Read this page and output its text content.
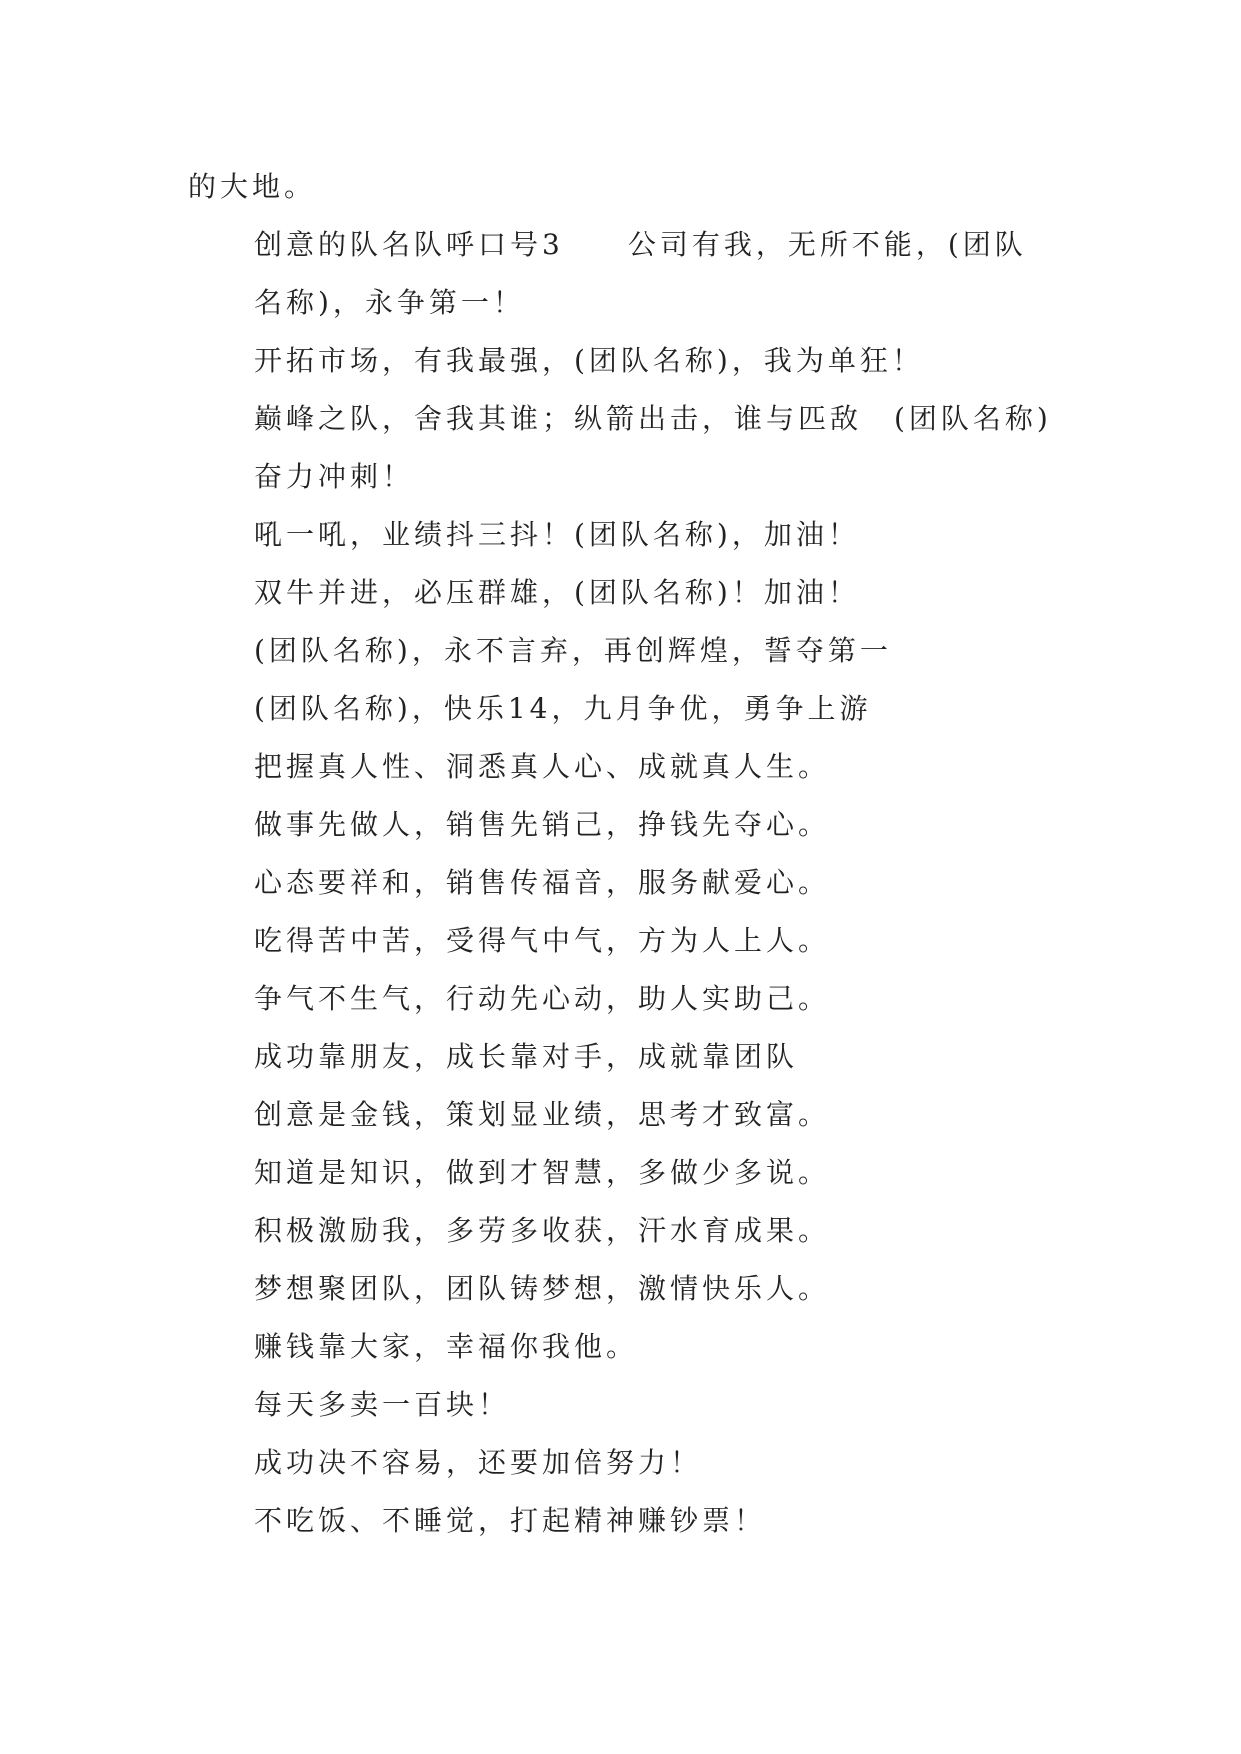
的大地。

创意的队名队呼口号3　　公司有我，无所不能，(团队名称)，永争第一！

开拓市场，有我最强，(团队名称)，我为单狂！

巅峰之队，舍我其谁；纵箭出击，谁与匹敌　(团队名称)　奋力冲刺！

吼一吼，业绩抖三抖！(团队名称)，加油！

双牛并进，必压群雄，(团队名称)！加油！

(团队名称)，永不言弃，再创辉煌，誓夺第一

(团队名称)，快乐14，九月争优，勇争上游

把握真人性、洞悉真人心、成就真人生。

做事先做人，销售先销己，挣钱先夺心。

心态要祥和，销售传福音，服务献爱心。

吃得苦中苦，受得气中气，方为人上人。

争气不生气，行动先心动，助人实助己。

成功靠朋友，成长靠对手，成就靠团队

创意是金钱，策划显业绩，思考才致富。

知道是知识，做到才智慧，多做少多说。

积极激励我，多劳多收获，汗水育成果。

梦想聚团队，团队铸梦想，激情快乐人。

赚钱靠大家，幸福你我他。

每天多卖一百块！

成功决不容易，还要加倍努力！

不吃饭、不睡觉，打起精神赚钞票！
